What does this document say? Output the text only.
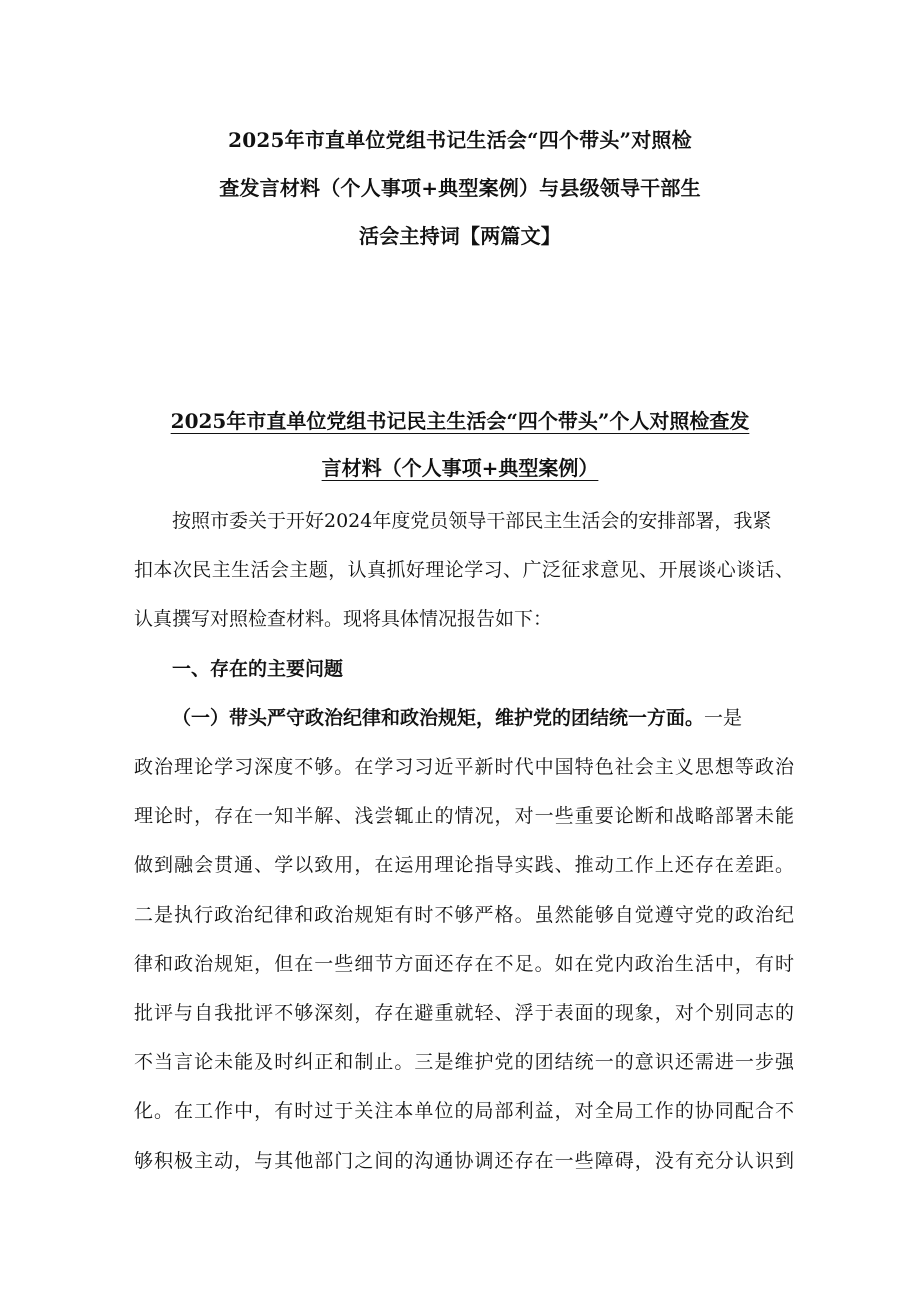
2025年市直单位党组书记生活会“四个带头”对照检
查发言材料（个人事项+典型案例）与县级领导干部生
活会主持词【两篇文】
2025年市直单位党组书记民主生活会“四个带头”个人对照检查发
言材料（个人事项+典型案例）
按照市委关于开好2024年度党员领导干部民主生活会的安排部署，我紧
扣本次民主生活会主题，认真抓好理论学习、广泛征求意见、开展谈心谈话、
认真撰写对照检查材料。现将具体情况报告如下：
一、存在的主要问题
（一）带头严守政治纪律和政治规矩，维护党的团结统一方面。一是
政治理论学习深度不够。在学习习近平新时代中国特色社会主义思想等政治
理论时，存在一知半解、浅尝辄止的情况，对一些重要论断和战略部署未能
做到融会贯通、学以致用，在运用理论指导实践、推动工作上还存在差距。
二是执行政治纪律和政治规矩有时不够严格。虽然能够自觉遵守党的政治纪
律和政治规矩，但在一些细节方面还存在不足。如在党内政治生活中，有时
批评与自我批评不够深刻，存在避重就轻、浮于表面的现象，对个别同志的
不当言论未能及时纠正和制止。三是维护党的团结统一的意识还需进一步强
化。在工作中，有时过于关注本单位的局部利益，对全局工作的协同配合不
够积极主动，与其他部门之间的沟通协调还存在一些障碍，没有充分认识到
